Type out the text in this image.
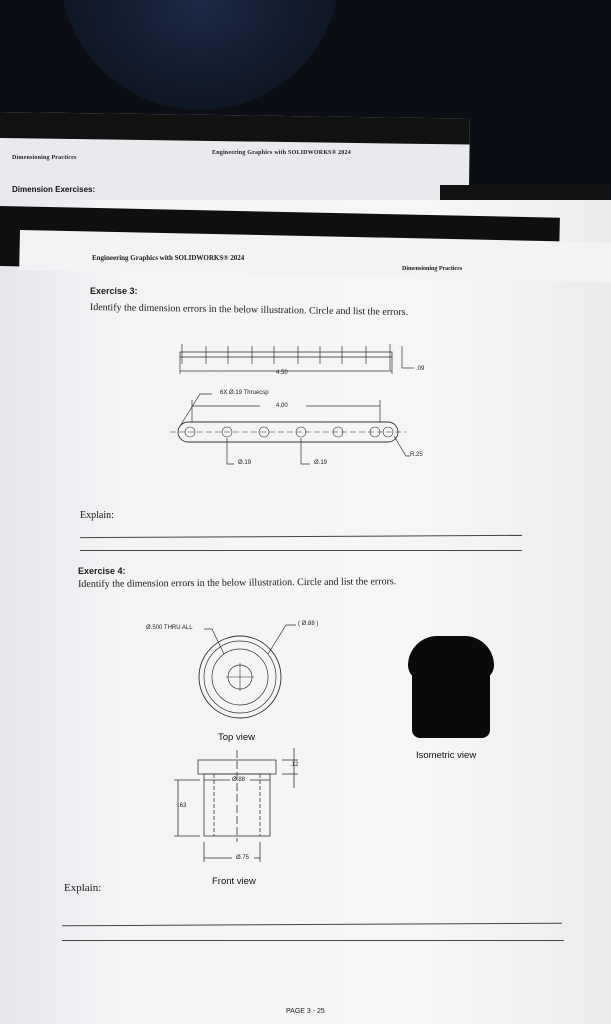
Dimensioning Practices
Engineering Graphics with SOLIDWORKS® 2024
Dimension Exercises:
Engineering Graphics with SOLIDWORKS® 2024
Dimensioning Practices
Exercise 3:
Identify the dimension errors in the below illustration. Circle and list the errors.
.09
4.50
6X Ø.19 Thruecsp
4.00
R.25
Ø.19	Ø.19
Explain:
Exercise 4:
Identify the dimension errors in the below illustration. Circle and list the errors.
Ø.500 THRU ALL
( Ø.88 )
Top view
.12
Ø.88
.63
Ø.75
Front view
Isometric view
Explain:
PAGE 3 - 25
